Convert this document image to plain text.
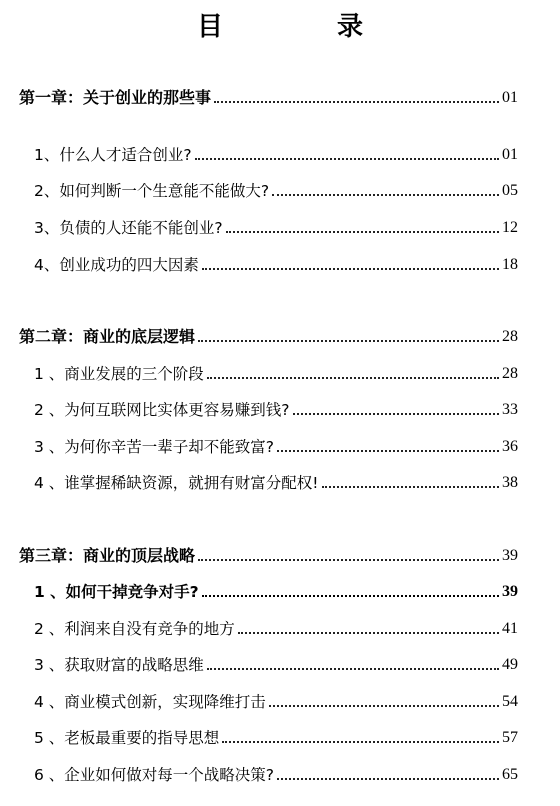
目　录
第一章：关于创业的那些事	01
1、什么人才适合创业?	01
2、如何判断一个生意能不能做大?	05
3、负债的人还能不能创业?	12
4、创业成功的四大因素	18
第二章：商业的底层逻辑	28
1 、商业发展的三个阶段	28
2 、为何互联网比实体更容易赚到钱?	33
3 、为何你辛苦一辈子却不能致富?	36
4 、谁掌握稀缺资源，就拥有财富分配权!	38
第三章：商业的顶层战略	39
1 、如何干掉竞争对手?	39
2 、利润来自没有竞争的地方	41
3 、获取财富的战略思维	49
4 、商业模式创新，实现降维打击	54
5 、老板最重要的指导思想	57
6 、企业如何做对每一个战略决策?	65
